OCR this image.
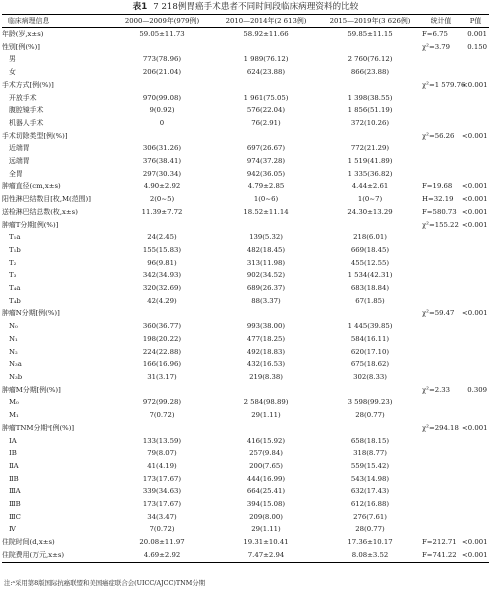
表1 7 218例胃癌手术患者不同时间段临床病理资料的比较
临床病理信息	2000—2009年(979例)	2010—2014年(2 613例)	2015—2019年(3 626例)	统计值	P值
年龄(岁,x±s)	59.05±11.73	58.92±11.66	59.85±11.15	F=6.75	0.001
性别[例(%)]				χ²=3.79	0.150
男	773(78.96)	1 989(76.12)	2 760(76.12)		
女	206(21.04)	624(23.88)	866(23.88)		
手术方式[例(%)]				χ²=1 579.76	<0.001
开放手术	970(99.08)	1 961(75.05)	1 398(38.55)		
腹腔镜手术	9(0.92)	576(22.04)	1 856(51.19)		
机器人手术	0	76(2.91)	372(10.26)		
手术切除类型[例(%)]				χ²=56.26	<0.001
近端胃	306(31.26)	697(26.67)	772(21.29)		
远端胃	376(38.41)	974(37.28)	1 519(41.89)		
全胃	297(30.34)	942(36.05)	1 335(36.82)		
肿瘤直径(cm,x±s)	4.90±2.92	4.79±2.85	4.44±2.61	F=19.68	<0.001
阳性淋巴结数目[枚,M(范围)]	2(0~5)	1(0~6)	1(0~7)	H=32.19	<0.001
送检淋巴结总数(枚,x±s)	11.39±7.72	18.52±11.14	24.30±13.29	F=580.73	<0.001
肿瘤T分期[例(%)]				χ²=155.22	<0.001
T₁a	24(2.45)	139(5.32)	218(6.01)		
T₁b	155(15.83)	482(18.45)	669(18.45)		
T₂	96(9.81)	313(11.98)	455(12.55)		
T₃	342(34.93)	902(34.52)	1 534(42.31)		
T₄a	320(32.69)	689(26.37)	683(18.84)		
T₄b	42(4.29)	88(3.37)	67(1.85)		
肿瘤N分期[例(%)]				χ²=59.47	<0.001
N₀	360(36.77)	993(38.00)	1 445(39.85)		
N₁	198(20.22)	477(18.25)	584(16.11)		
N₂	224(22.88)	492(18.83)	620(17.10)		
N₃a	166(16.96)	432(16.53)	675(18.62)		
N₃b	31(3.17)	219(8.38)	302(8.33)		
肿瘤M分期[例(%)]				χ²=2.33	0.309
M₀	972(99.28)	2 584(98.89)	3 598(99.23)		
M₁	7(0.72)	29(1.11)	28(0.77)		
肿瘤TNM分期ᵃ[例(%)]				χ²=294.18	<0.001
ⅠA	133(13.59)	416(15.92)	658(18.15)		
ⅠB	79(8.07)	257(9.84)	318(8.77)		
ⅡA	41(4.19)	200(7.65)	559(15.42)		
ⅡB	173(17.67)	444(16.99)	543(14.98)		
ⅢA	339(34.63)	664(25.41)	632(17.43)		
ⅢB	173(17.67)	394(15.08)	612(16.88)		
ⅢC	34(3.47)	209(8.00)	276(7.61)		
Ⅳ	7(0.72)	29(1.11)	28(0.77)		
住院时间(d,x±s)	20.08±11.97	19.31±10.41	17.36±10.17	F=212.71	<0.001
住院费用(万元,x±s)	4.69±2.92	7.47±2.94	8.08±3.52	F=741.22	<0.001
注:ᵃ采用第8版国际抗癌联盟和美国癌症联合会(UICC/AJCC)TNM分期
